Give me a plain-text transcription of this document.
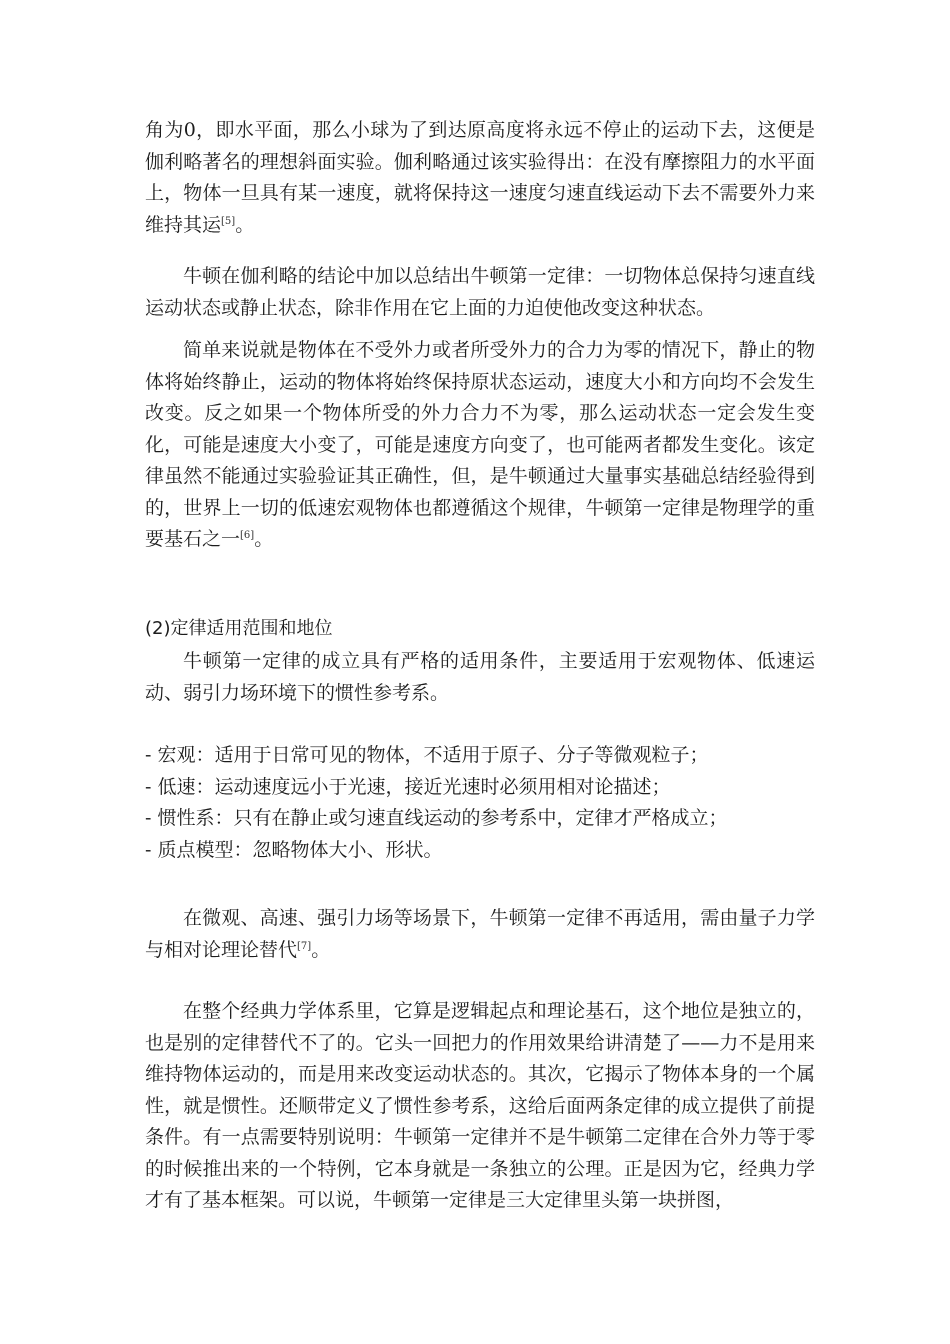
角为0，即水平面，那么小球为了到达原高度将永远不停止的运动下去，这便是伽利略著名的理想斜面实验。伽利略通过该实验得出：在没有摩擦阻力的水平面上，物体一旦具有某一速度，就将保持这一速度匀速直线运动下去不需要外力来维持其运[5]。

牛顿在伽利略的结论中加以总结出牛顿第一定律：一切物体总保持匀速直线运动状态或静止状态，除非作用在它上面的力迫使他改变这种状态。

简单来说就是物体在不受外力或者所受外力的合力为零的情况下，静止的物体将始终静止，运动的物体将始终保持原状态运动，速度大小和方向均不会发生改变。反之如果一个物体所受的外力合力不为零，那么运动状态一定会发生变化，可能是速度大小变了，可能是速度方向变了，也可能两者都发生变化。该定律虽然不能通过实验验证其正确性，但，是牛顿通过大量事实基础总结经验得到的，世界上一切的低速宏观物体也都遵循这个规律，牛顿第一定律是物理学的重要基石之一[6]。

(2)定律适用范围和地位

牛顿第一定律的成立具有严格的适用条件，主要适用于宏观物体、低速运动、弱引力场环境下的惯性参考系。

- 宏观：适用于日常可见的物体，不适用于原子、分子等微观粒子；
- 低速：运动速度远小于光速，接近光速时必须用相对论描述；
- 惯性系：只有在静止或匀速直线运动的参考系中，定律才严格成立；
- 质点模型：忽略物体大小、形状。

在微观、高速、强引力场等场景下，牛顿第一定律不再适用，需由量子力学与相对论理论替代[7]。

在整个经典力学体系里，它算是逻辑起点和理论基石，这个地位是独立的，也是别的定律替代不了的。它头一回把力的作用效果给讲清楚了——力不是用来维持物体运动的，而是用来改变运动状态的。其次，它揭示了物体本身的一个属性，就是惯性。还顺带定义了惯性参考系，这给后面两条定律的成立提供了前提条件。有一点需要特别说明：牛顿第一定律并不是牛顿第二定律在合外力等于零的时候推出来的一个特例，它本身就是一条独立的公理。正是因为它，经典力学才有了基本框架。可以说，牛顿第一定律是三大定律里头第一块拼图，
